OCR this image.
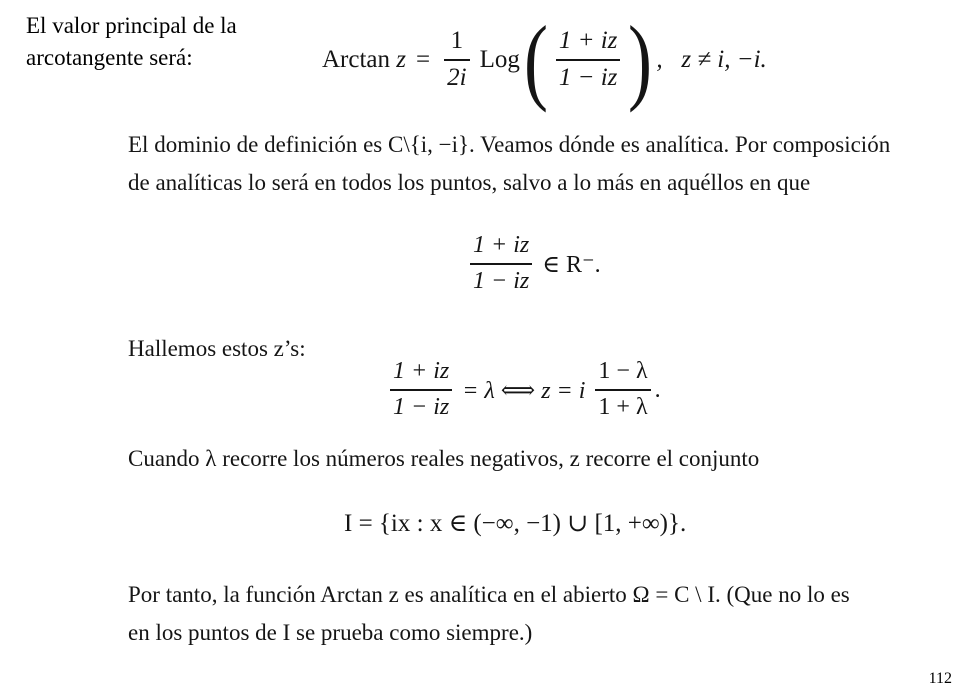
El valor principal de la
arcotangente será:	Arctan
$z = \frac{1}{2i}$ Log ( $\frac{1 + iz}{1 - iz}$ ) ,   z ≠ i, −i.
El dominio de definición es C\{i, −i}. Veamos dónde es analítica. Por composición
de analíticas lo será en todos los puntos, salvo a lo más en aquéllos en que
$\frac{1 + iz}{1 - iz}$ ∈ R⁻.
Hallemos estos z’s:
$\frac{1 + iz}{1 - iz} = \lambda$ ⟺ z = i $\frac{1 - \lambda}{1 + \lambda}$ .
Cuando λ recorre los números reales negativos, z recorre el conjunto
I = {ix : x ∈ (−∞, −1) ∪ [1, +∞)}.
Por tanto, la función Arctan z es analítica en el abierto Ω = C \ I. (Que no lo es
en los puntos de I se prueba como siempre.)
112
